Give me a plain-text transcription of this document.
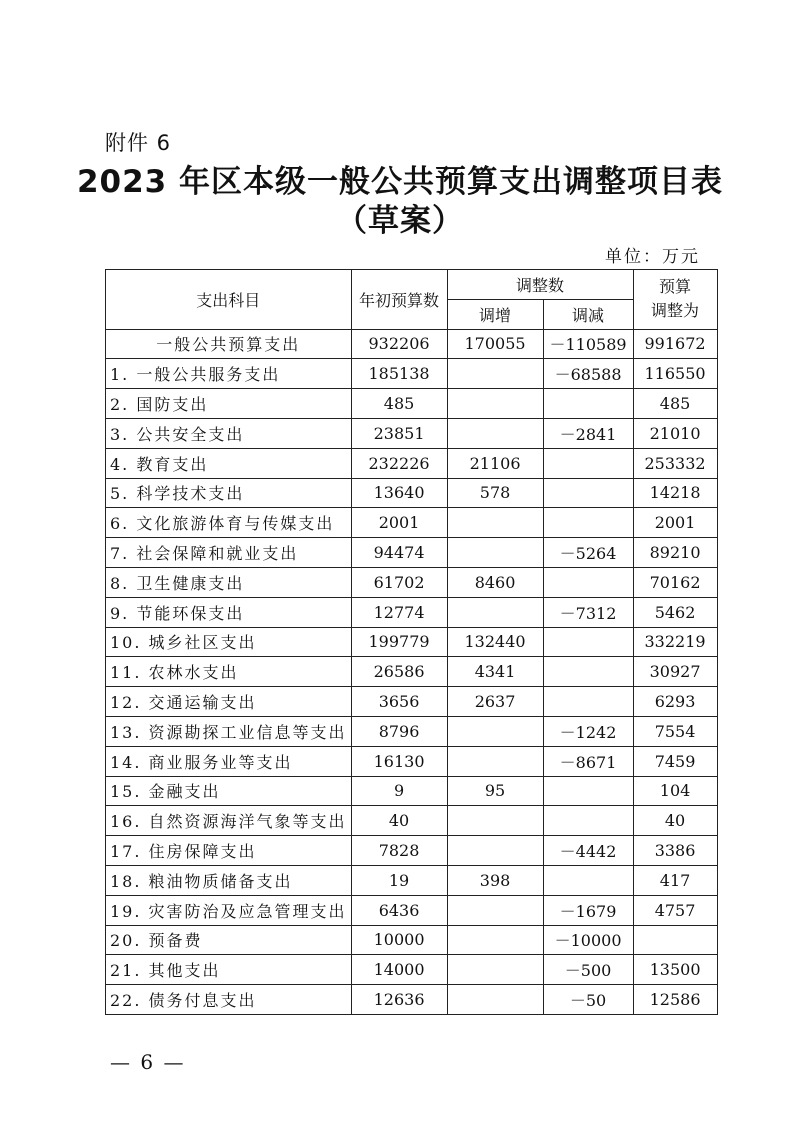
附件 6
2023 年区本级一般公共预算支出调整项目表
（草案）
单位：万元
支出科目	年初预算数	调整数		预算
调整为
		调增	调减	
一般公共预算支出	932206	170055	－110589	991672
1. 一般公共服务支出	185138		－68588	116550
2. 国防支出	485			485
3. 公共安全支出	23851		－2841	21010
4. 教育支出	232226	21106		253332
5. 科学技术支出	13640	578		14218
6. 文化旅游体育与传媒支出	2001			2001
7. 社会保障和就业支出	94474		－5264	89210
8. 卫生健康支出	61702	8460		70162
9. 节能环保支出	12774		－7312	5462
10. 城乡社区支出	199779	132440		332219
11. 农林水支出	26586	4341		30927
12. 交通运输支出	3656	2637		6293
13. 资源勘探工业信息等支出	8796		－1242	7554
14. 商业服务业等支出	16130		－8671	7459
15. 金融支出	9	95		104
16. 自然资源海洋气象等支出	40			40
17. 住房保障支出	7828		－4442	3386
18. 粮油物质储备支出	19	398		417
19. 灾害防治及应急管理支出	6436		－1679	4757
20. 预备费	10000		－10000	
21. 其他支出	14000		－500	13500
22. 债务付息支出	12636		－50	12586
— 6 —
